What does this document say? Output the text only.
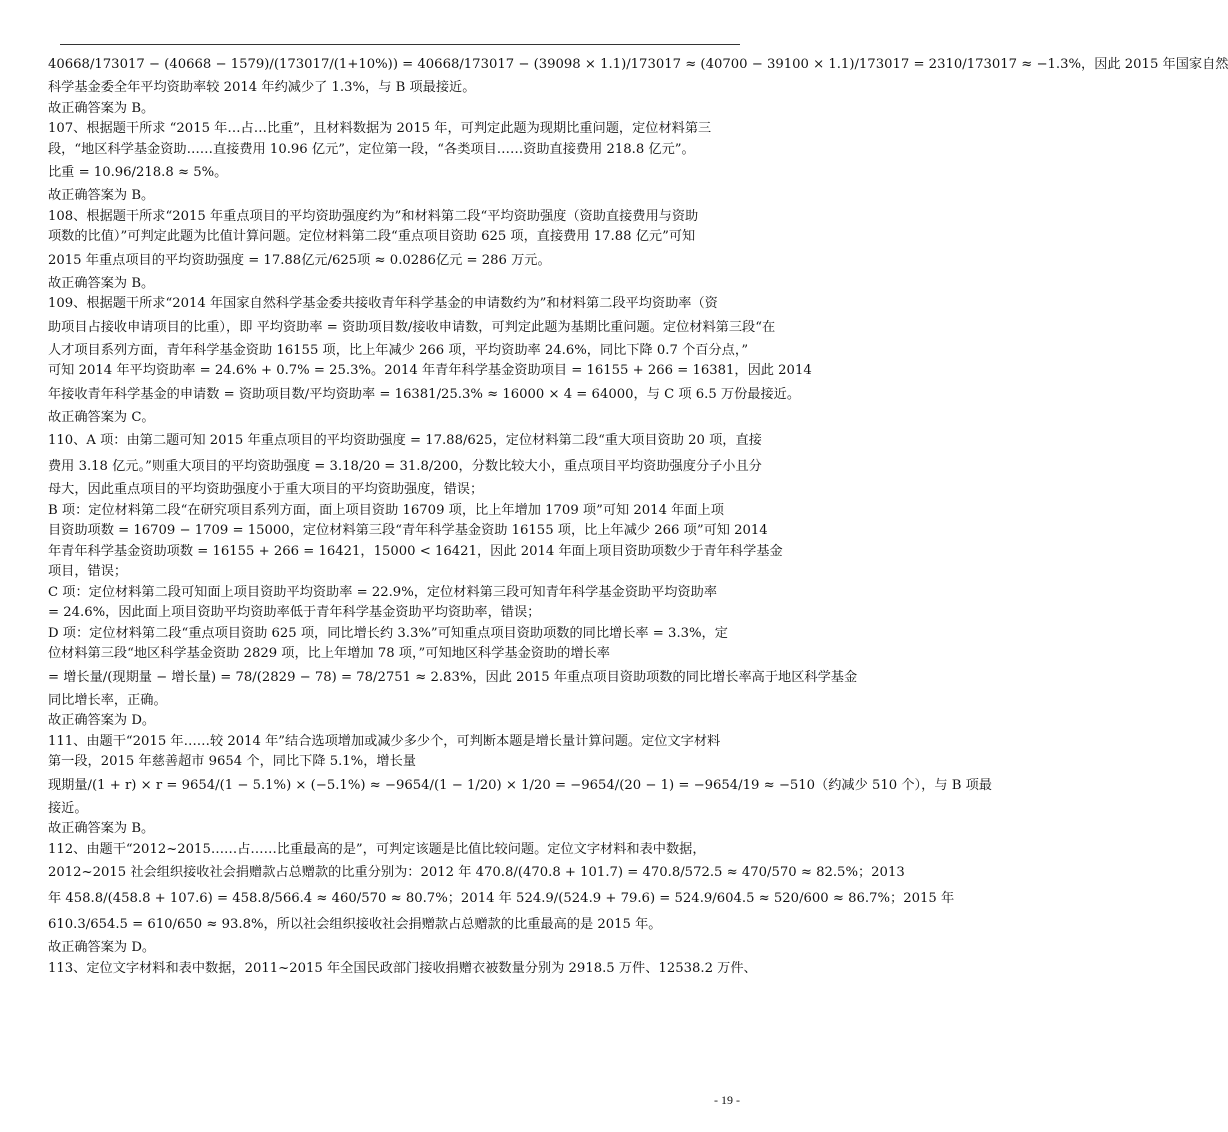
40668/173017 − (40668 − 1579)/(173017/(1+10%)) = 40668/173017 − (39098 × 1.1)/173017 ≈ (40700 − 39100 × 1.1)/173017 = 2310/173017 ≈ −1.3%，因此 2015 年国家自然
科学基金委全年平均资助率较 2014 年约减少了 1.3%，与 B 项最接近。
故正确答案为 B。
107、根据题干所求 “2015 年…占…比重”，且材料数据为 2015 年，可判定此题为现期比重问题，定位材料第三
段，“地区科学基金资助……直接费用 10.96 亿元”，定位第一段，“各类项目……资助直接费用 218.8 亿元”。
比重 = 10.96/218.8 ≈ 5%。
故正确答案为 B。
108、根据题干所求“2015 年重点项目的平均资助强度约为”和材料第二段“平均资助强度（资助直接费用与资助
项数的比值）”可判定此题为比值计算问题。定位材料第二段“重点项目资助 625 项，直接费用 17.88 亿元”可知
2015 年重点项目的平均资助强度 = 17.88亿元/625项 ≈ 0.0286亿元 = 286 万元。
故正确答案为 B。
109、根据题干所求“2014 年国家自然科学基金委共接收青年科学基金的申请数约为”和材料第二段平均资助率（资
助项目占接收申请项目的比重），即 平均资助率 = 资助项目数/接收申请数，可判定此题为基期比重问题。定位材料第三段“在
人才项目系列方面，青年科学基金资助 16155 项，比上年减少 266 项，平均资助率 24.6%，同比下降 0.7 个百分点，”
可知 2014 年平均资助率 = 24.6% + 0.7% = 25.3%。2014 年青年科学基金资助项目 = 16155 + 266 = 16381，因此 2014
年接收青年科学基金的申请数 = 资助项目数/平均资助率 = 16381/25.3% ≈ 16000 × 4 = 64000，与 C 项 6.5 万份最接近。
故正确答案为 C。
110、A 项：由第二题可知 2015 年重点项目的平均资助强度 = 17.88/625，定位材料第二段“重大项目资助 20 项，直接
费用 3.18 亿元。”则重大项目的平均资助强度 = 3.18/20 = 31.8/200，分数比较大小，重点项目平均资助强度分子小且分
母大，因此重点项目的平均资助强度小于重大项目的平均资助强度，错误；
B 项：定位材料第二段“在研究项目系列方面，面上项目资助 16709 项，比上年增加 1709 项”可知 2014 年面上项
目资助项数 = 16709 − 1709 = 15000，定位材料第三段“青年科学基金资助 16155 项，比上年减少 266 项”可知 2014
年青年科学基金资助项数 = 16155 + 266 = 16421，15000 < 16421，因此 2014 年面上项目资助项数少于青年科学基金
项目，错误；
C 项：定位材料第二段可知面上项目资助平均资助率 = 22.9%，定位材料第三段可知青年科学基金资助平均资助率
= 24.6%，因此面上项目资助平均资助率低于青年科学基金资助平均资助率，错误；
D 项：定位材料第二段“重点项目资助 625 项，同比增长约 3.3%”可知重点项目资助项数的同比增长率 = 3.3%，定
位材料第三段“地区科学基金资助 2829 项，比上年增加 78 项，”可知地区科学基金资助的增长率
= 增长量/(现期量 − 增长量) = 78/(2829 − 78) = 78/2751 ≈ 2.83%，因此 2015 年重点项目资助项数的同比增长率高于地区科学基金
同比增长率，正确。
故正确答案为 D。
111、由题干“2015 年……较 2014 年”结合选项增加或减少多少个，可判断本题是增长量计算问题。定位文字材料
第一段，2015 年慈善超市 9654 个，同比下降 5.1%，增长量
现期量/(1 + r) × r = 9654/(1 − 5.1%) × (−5.1%) ≈ −9654/(1 − 1/20) × 1/20 = −9654/(20 − 1) = −9654/19 ≈ −510（约减少 510 个），与 B 项最
接近。
故正确答案为 B。
112、由题干“2012~2015……占……比重最高的是”，可判定该题是比值比较问题。定位文字材料和表中数据，
2012~2015 社会组织接收社会捐赠款占总赠款的比重分别为：2012 年 470.8/(470.8 + 101.7) = 470.8/572.5 ≈ 470/570 ≈ 82.5%；2013
年 458.8/(458.8 + 107.6) = 458.8/566.4 ≈ 460/570 ≈ 80.7%；2014 年 524.9/(524.9 + 79.6) = 524.9/604.5 ≈ 520/600 ≈ 86.7%；2015 年
610.3/654.5 = 610/650 ≈ 93.8%，所以社会组织接收社会捐赠款占总赠款的比重最高的是 2015 年。
故正确答案为 D。
113、定位文字材料和表中数据，2011~2015 年全国民政部门接收捐赠衣被数量分别为 2918.5 万件、12538.2 万件、
- 19 -
